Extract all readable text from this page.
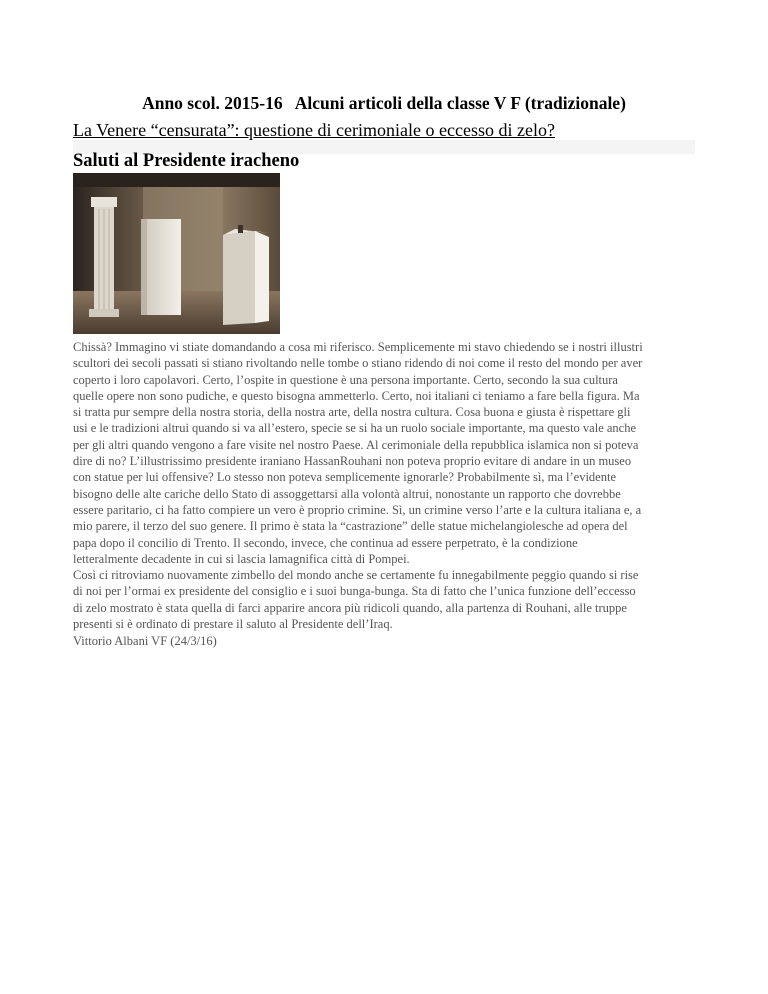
Anno scol. 2015-16   Alcuni articoli della classe V F (tradizionale)
La Venere “censurata”: questione di cerimoniale o eccesso di zelo?
Saluti al Presidente iracheno

Chissà? Immagino vi stiate domandando a cosa mi riferisco. Semplicemente mi stavo chiedendo se i nostri illustri
scultori dei secoli passati si stiano rivoltando nelle tombe o stiano ridendo di noi come il resto del mondo per aver
coperto i loro capolavori. Certo, l’ospite in questione è una persona importante. Certo, secondo la sua cultura
quelle opere non sono pudiche, e questo bisogna ammetterlo. Certo, noi italiani ci teniamo a fare bella figura. Ma
si tratta pur sempre della nostra storia, della nostra arte, della nostra cultura. Cosa buona e giusta è rispettare gli
usi e le tradizioni altrui quando si va all’estero, specie se si ha un ruolo sociale importante, ma questo vale anche
per gli altri quando vengono a fare visite nel nostro Paese. Al cerimoniale della repubblica islamica non si poteva
dire di no? L’illustrissimo presidente iraniano HassanRouhani non poteva proprio evitare di andare in un museo
con statue per lui offensive? Lo stesso non poteva semplicemente ignorarle? Probabilmente sì, ma l’evidente
bisogno delle alte cariche dello Stato di assoggettarsi alla volontà altrui, nonostante un rapporto che dovrebbe
essere paritario, ci ha fatto compiere un vero è proprio crimine. Sì, un crimine verso l’arte e la cultura italiana e, a
mio parere, il terzo del suo genere. Il primo è stata la “castrazione” delle statue michelangiolesche ad opera del
papa dopo il concilio di Trento. Il secondo, invece, che continua ad essere perpetrato, è la condizione
letteralmente decadente in cui si lascia lamagnifica città di Pompei.
Così ci ritroviamo nuovamente zimbello del mondo anche se certamente fu innegabilmente peggio quando si rise
di noi per l’ormai ex presidente del consiglio e i suoi bunga-bunga. Sta di fatto che l’unica funzione dell’eccesso
di zelo mostrato è stata quella di farci apparire ancora più ridicoli quando, alla partenza di Rouhani, alle truppe
presenti si è ordinato di prestare il saluto al Presidente dell’Iraq.

Vittorio Albani VF (24/3/16)
